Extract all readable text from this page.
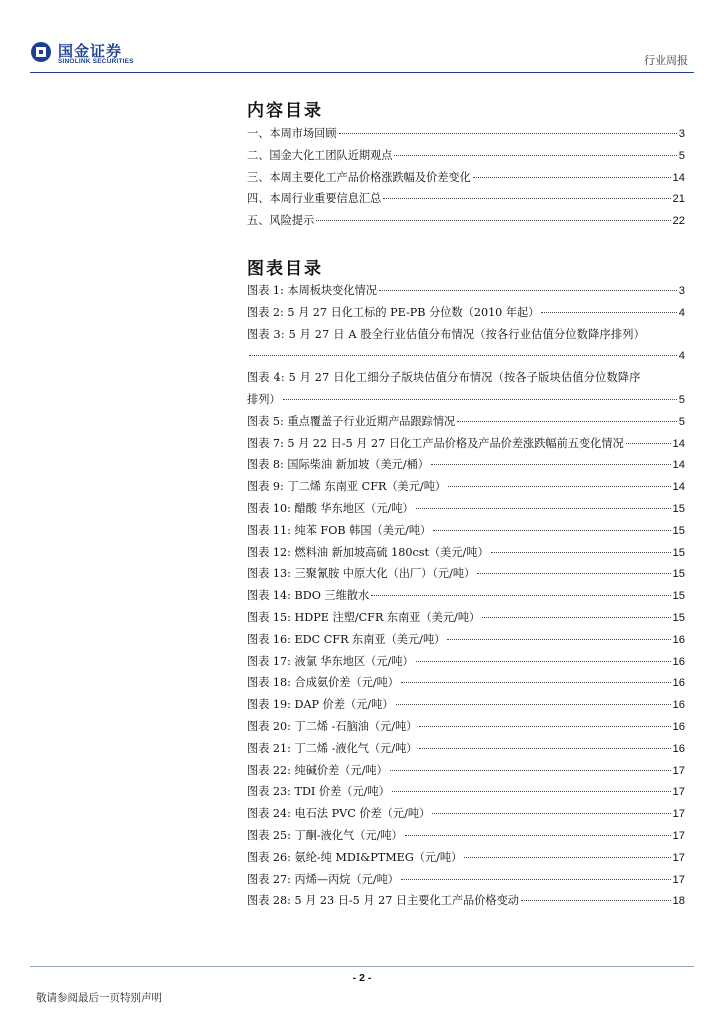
国金证券
SINOLINK SECURITIES	行业周报
内容目录
一、本周市场回顾	3
二、国金大化工团队近期观点	5
三、本周主要化工产品价格涨跌幅及价差变化	14
四、本周行业重要信息汇总	21
五、风险提示	22
图表目录
图表 1: 本周板块变化情况	3
图表 2: 5 月 27 日化工标的 PE-PB 分位数（2010 年起）	4
图表 3: 5 月 27 日 A 股全行业估值分布情况（按各行业估值分位数降序排列）
4
图表 4: 5 月 27 日化工细分子版块估值分布情况（按各子版块估值分位数降序
排列）	5
图表 5: 重点覆盖子行业近期产品跟踪情况	5
图表 7: 5 月 22 日-5 月 27 日化工产品价格及产品价差涨跌幅前五变化情况	14
图表 8: 国际柴油 新加坡（美元/桶）	14
图表 9: 丁二烯 东南亚 CFR（美元/吨）	14
图表 10: 醋酸 华东地区（元/吨）	15
图表 11: 纯苯 FOB 韩国（美元/吨）	15
图表 12: 燃料油 新加坡高硫 180cst（美元/吨）	15
图表 13: 三聚氰胺 中原大化（出厂）（元/吨）	15
图表 14: BDO 三维散水	15
图表 15: HDPE 注塑/CFR 东南亚（美元/吨）	15
图表 16: EDC CFR 东南亚（美元/吨）	16
图表 17: 液氯 华东地区（元/吨）	16
图表 18: 合成氨价差（元/吨）	16
图表 19: DAP 价差（元/吨）	16
图表 20: 丁二烯 -石脑油（元/吨）	16
图表 21: 丁二烯 -液化气（元/吨）	16
图表 22: 纯碱价差（元/吨）	17
图表 23: TDI 价差（元/吨）	17
图表 24: 电石法 PVC 价差（元/吨）	17
图表 25: 丁酮-液化气（元/吨）	17
图表 26: 氨纶-纯 MDI&PTMEG（元/吨）	17
图表 27: 丙烯—丙烷（元/吨）	17
图表 28: 5 月 23 日-5 月 27 日主要化工产品价格变动	18
- 2 -
敬请参阅最后一页特别声明
